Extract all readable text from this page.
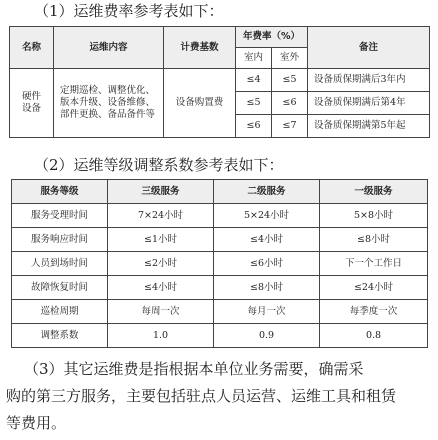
（1）运维费率参考表如下：
名称	运维内容	计费基数	年费率（%）		备注
			室内	室外	
硬件设备	定期巡检、调整优化、版本升级、设备维修、部件更换、备品备件等	设备购置费	≤4	≤5	设备质保期满后3年内
			≤5	≤6	设备质保期满后第4年
			≤6	≤7	设备质保期满第5年起
（2）运维等级调整系数参考表如下：
服务等级	三级服务	二级服务	一级服务
服务受理时间	7×24小时	5×24小时	5×8小时
服务响应时间	≤1小时	≤4小时	≤8小时
人员到场时间	≤2小时	≤6小时	下一个工作日
故障恢复时间	≤4小时	≤8小时	≤24小时
巡检周期	每周一次	每月一次	每季度一次
调整系数	1.0	0.9	0.8
（3）其它运维费是指根据本单位业务需要，确需采
购的第三方服务，主要包括驻点人员运营、运维工具和租赁
等费用。
